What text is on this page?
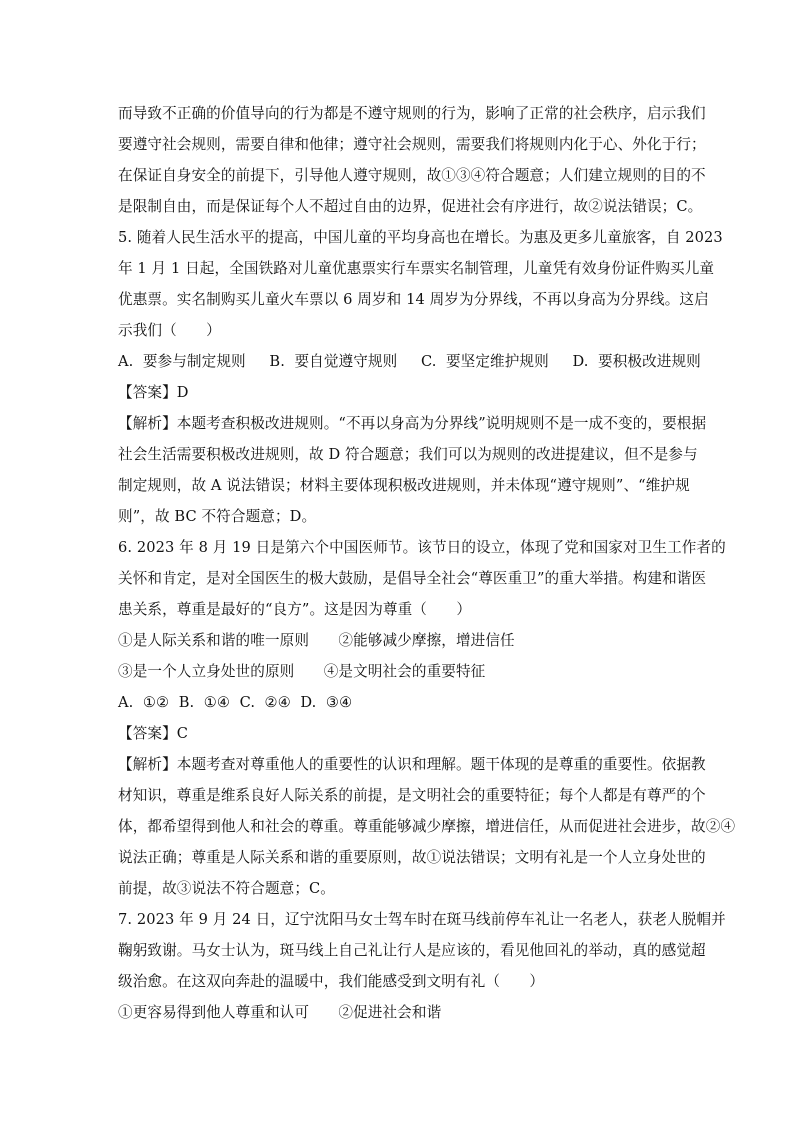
而导致不正确的价值导向的行为都是不遵守规则的行为，影响了正常的社会秩序，启示我们
要遵守社会规则，需要自律和他律；遵守社会规则，需要我们将规则内化于心、外化于行；
在保证自身安全的前提下，引导他人遵守规则，故①③④符合题意；人们建立规则的目的不
是限制自由，而是保证每个人不超过自由的边界，促进社会有序进行，故②说法错误；C。
5. 随着人民生活水平的提高，中国儿童的平均身高也在增长。为惠及更多儿童旅客，自 2023
年 1 月 1 日起，全国铁路对儿童优惠票实行车票实名制管理，儿童凭有效身份证件购买儿童
优惠票。实名制购买儿童火车票以 6 周岁和 14 周岁为分界线，不再以身高为分界线。这启
示我们（　　）
A.  要参与制定规则     B.  要自觉遵守规则     C.  要坚定维护规则     D.  要积极改进规则
【答案】D
【解析】本题考查积极改进规则。“不再以身高为分界线”说明规则不是一成不变的，要根据
社会生活需要积极改进规则，故 D 符合题意；我们可以为规则的改进提建议，但不是参与
制定规则，故 A 说法错误；材料主要体现积极改进规则，并未体现“遵守规则”、“维护规
则”，故 BC 不符合题意；D。
6. 2023 年 8 月 19 日是第六个中国医师节。该节日的设立，体现了党和国家对卫生工作者的
关怀和肯定，是对全国医生的极大鼓励，是倡导全社会“尊医重卫”的重大举措。构建和谐医
患关系，尊重是最好的“良方”。这是因为尊重（　　）
①是人际关系和谐的唯一原则　　②能够减少摩擦，增进信任
③是一个人立身处世的原则　　④是文明社会的重要特征
A.  ①②  B.  ①④  C.  ②④  D.  ③④
【答案】C
【解析】本题考查对尊重他人的重要性的认识和理解。题干体现的是尊重的重要性。依据教
材知识，尊重是维系良好人际关系的前提，是文明社会的重要特征；每个人都是有尊严的个
体，都希望得到他人和社会的尊重。尊重能够减少摩擦，增进信任，从而促进社会进步，故②④
说法正确；尊重是人际关系和谐的重要原则，故①说法错误；文明有礼是一个人立身处世的
前提，故③说法不符合题意；C。
7. 2023 年 9 月 24 日，辽宁沈阳马女士驾车时在斑马线前停车礼让一名老人，获老人脱帽并
鞠躬致谢。马女士认为，斑马线上自己礼让行人是应该的，看见他回礼的举动，真的感觉超
级治愈。在这双向奔赴的温暖中，我们能感受到文明有礼（　　）
①更容易得到他人尊重和认可　　②促进社会和谐
